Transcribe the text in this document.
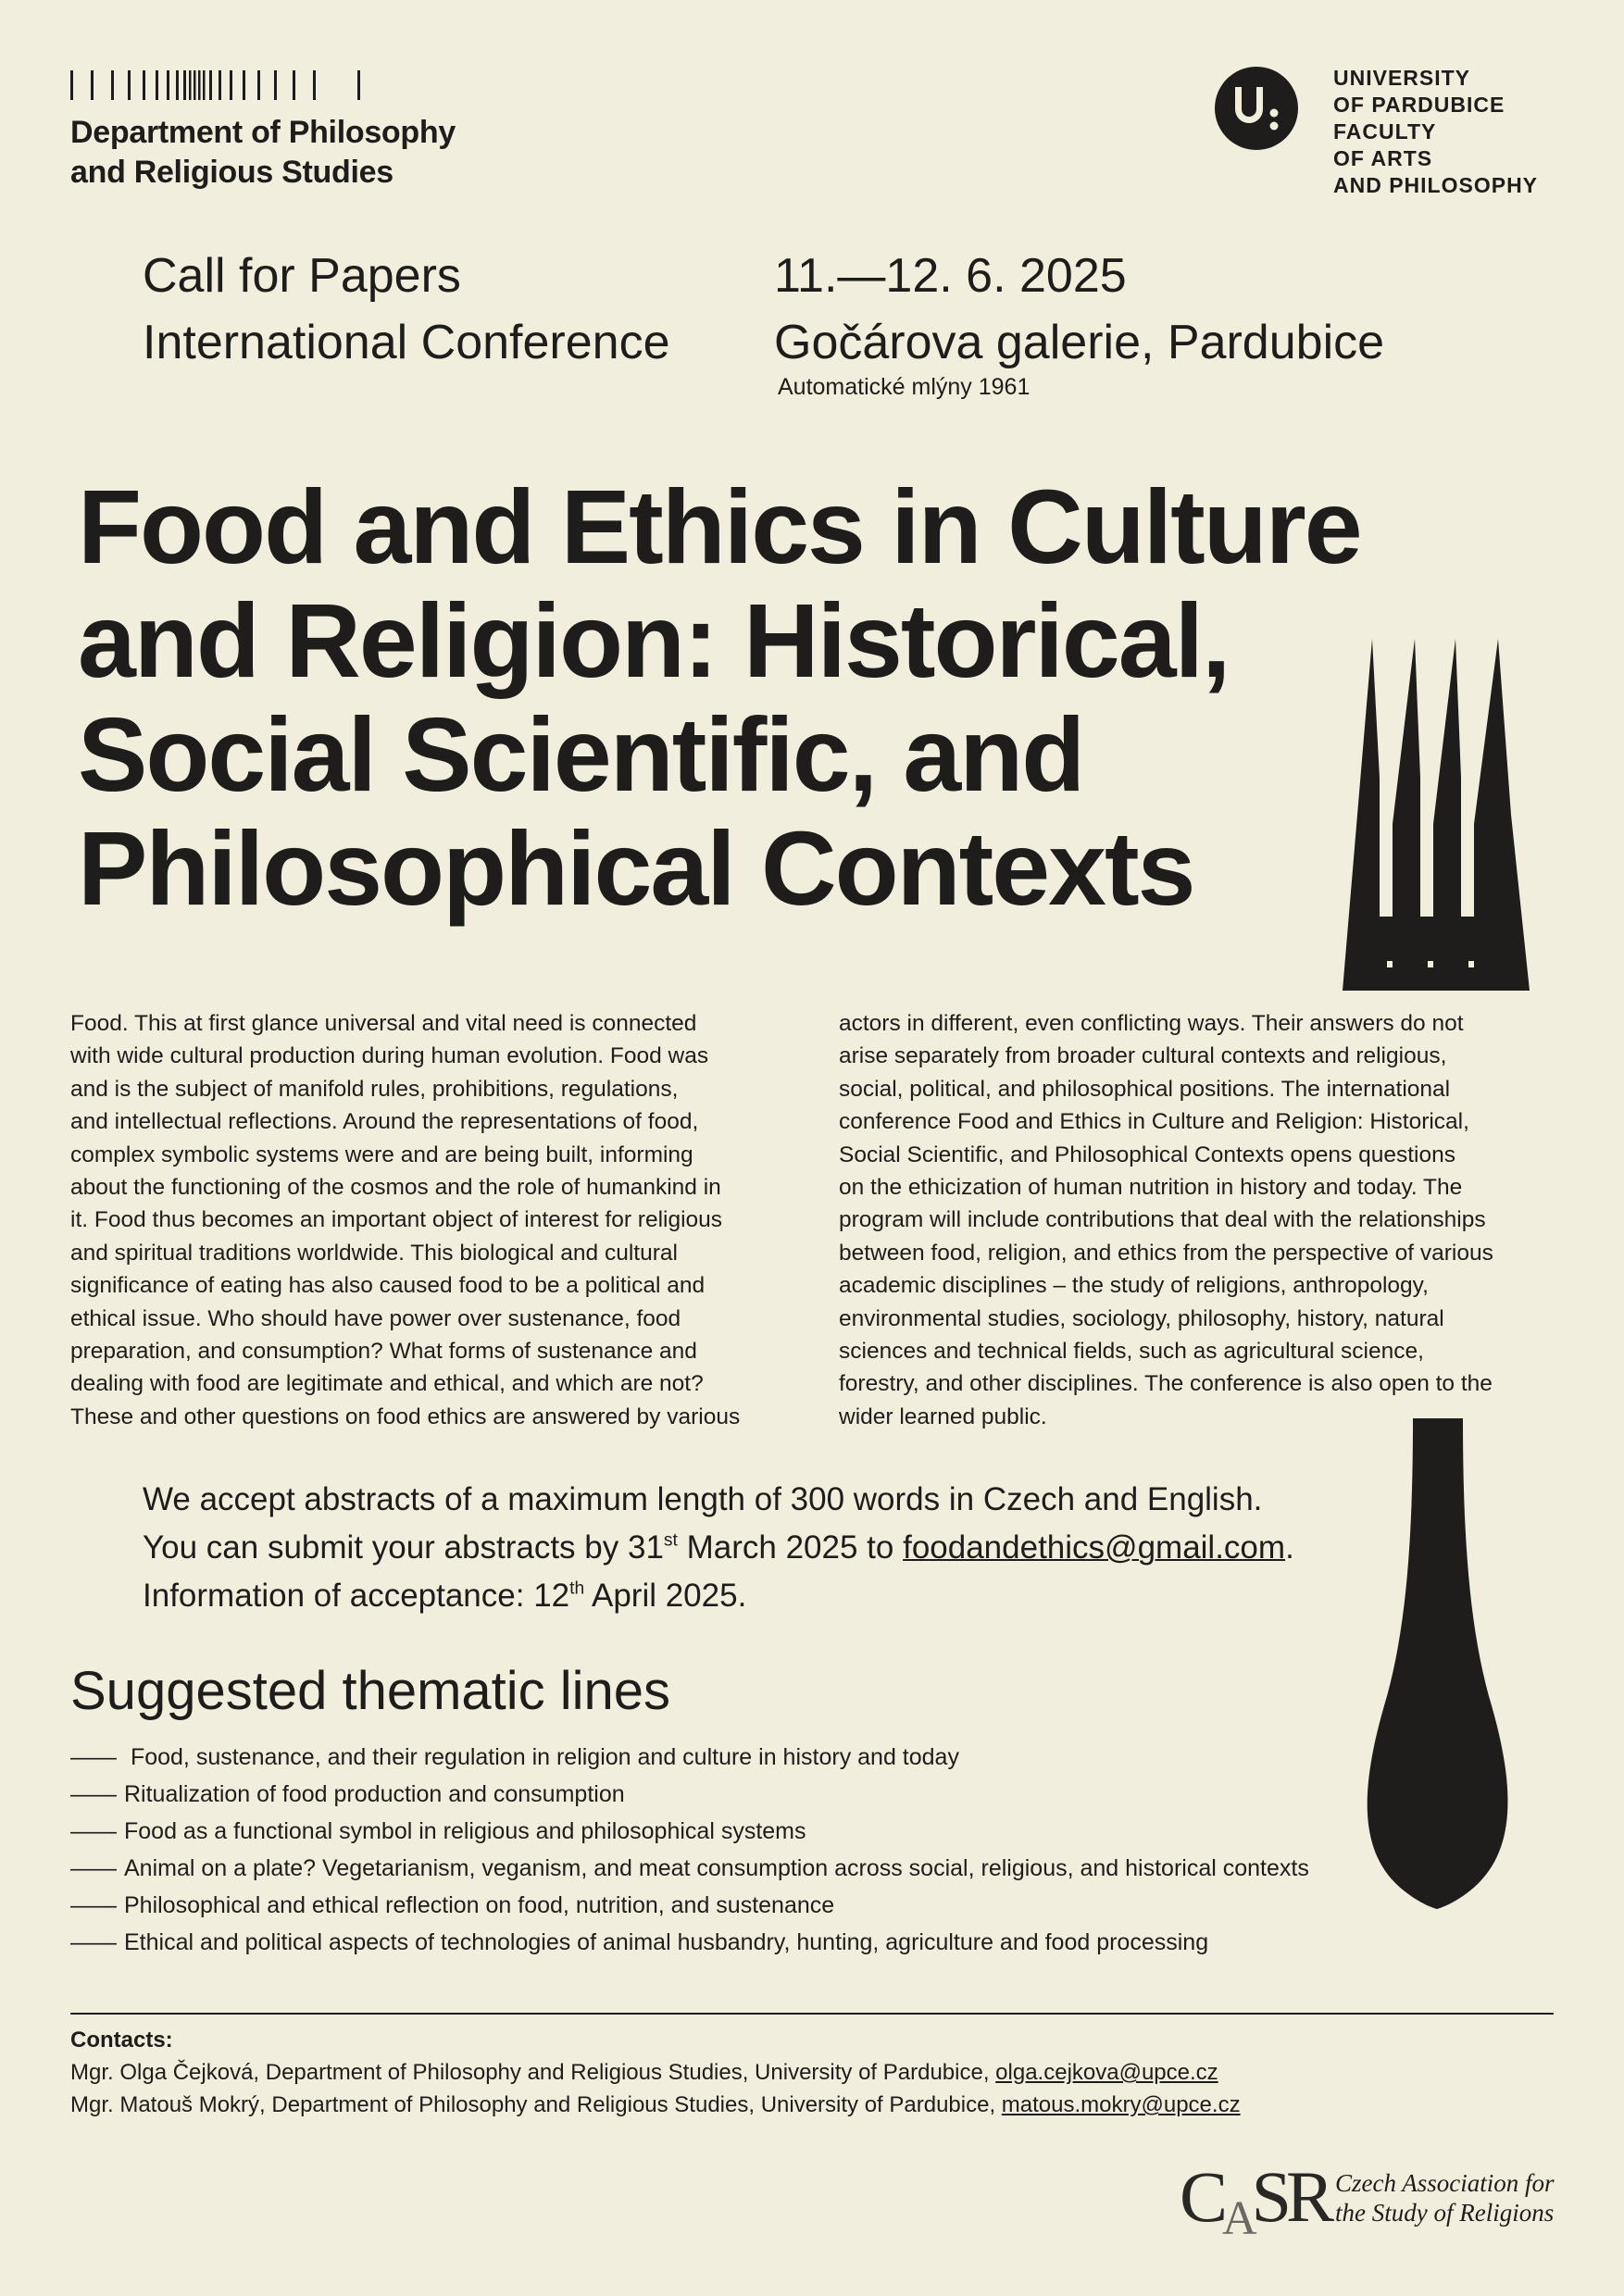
Department of Philosophy
and Religious Studies
UNIVERSITY
OF PARDUBICE
FACULTY
OF ARTS
AND PHILOSOPHY
Call for Papers
International Conference
11.—12. 6. 2025
Gočárova galerie, Pardubice
Automatické mlýny 1961
Food and Ethics in Culture
and Religion: Historical,
Social Scientific, and
Philosophical Contexts
Food. This at first glance universal and vital need is connected
with wide cultural production during human evolution. Food was
and is the subject of manifold rules, prohibitions, regulations,
and intellectual reflections. Around the representations of food,
complex symbolic systems were and are being built, informing
about the functioning of the cosmos and the role of humankind in
it. Food thus becomes an important object of interest for religious
and spiritual traditions worldwide. This biological and cultural
significance of eating has also caused food to be a political and
ethical issue. Who should have power over sustenance, food
preparation, and consumption? What forms of sustenance and
dealing with food are legitimate and ethical, and which are not?
These and other questions on food ethics are answered by various
actors in different, even conflicting ways. Their answers do not
arise separately from broader cultural contexts and religious,
social, political, and philosophical positions. The international
conference Food and Ethics in Culture and Religion: Historical,
Social Scientific, and Philosophical Contexts opens questions
on the ethicization of human nutrition in history and today. The
program will include contributions that deal with the relationships
between food, religion, and ethics from the perspective of various
academic disciplines – the study of religions, anthropology,
environmental studies, sociology, philosophy, history, natural
sciences and technical fields, such as agricultural science,
forestry, and other disciplines. The conference is also open to the
wider learned public.
We accept abstracts of a maximum length of 300 words in Czech and English.
You can submit your abstracts by 31st March 2025 to foodandethics@gmail.com.
Information of acceptance: 12th April 2025.
Suggested thematic lines
—— Food, sustenance, and their regulation in religion and culture in history and today
—— Ritualization of food production and consumption
—— Food as a functional symbol in religious and philosophical systems
—— Animal on a plate? Vegetarianism, veganism, and meat consumption across social, religious, and historical contexts
—— Philosophical and ethical reflection on food, nutrition, and sustenance
—— Ethical and political aspects of technologies of animal husbandry, hunting, agriculture and food processing
Contacts:
Mgr. Olga Čejková, Department of Philosophy and Religious Studies, University of Pardubice, olga.cejkova@upce.cz
Mgr. Matouš Mokrý, Department of Philosophy and Religious Studies, University of Pardubice, matous.mokry@upce.cz
CASR Czech Association for
the Study of Religions
